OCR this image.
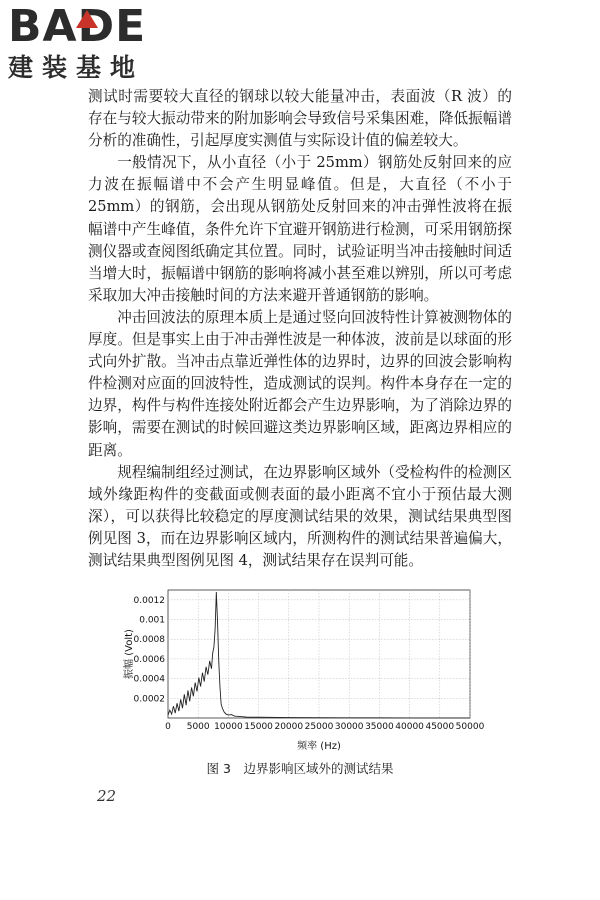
BADE
建装基地

测试时需要较大直径的钢球以较大能量冲击，表面波（R 波）的存在与较大振动带来的附加影响会导致信号采集困难，降低振幅谱分析的准确性，引起厚度实测值与实际设计值的偏差较大。

一般情况下，从小直径（小于 25mm）钢筋处反射回来的应力波在振幅谱中不会产生明显峰值。但是，大直径（不小于 25mm）的钢筋，会出现从钢筋处反射回来的冲击弹性波将在振幅谱中产生峰值，条件允许下宜避开钢筋进行检测，可采用钢筋探测仪器或查阅图纸确定其位置。同时，试验证明当冲击接触时间适当增大时，振幅谱中钢筋的影响将减小甚至难以辨别，所以可考虑采取加大冲击接触时间的方法来避开普通钢筋的影响。

冲击回波法的原理本质上是通过竖向回波特性计算被测物体的厚度。但是事实上由于冲击弹性波是一种体波，波前是以球面的形式向外扩散。当冲击点靠近弹性体的边界时，边界的回波会影响构件检测对应面的回波特性，造成测试的误判。构件本身存在一定的边界，构件与构件连接处附近都会产生边界影响，为了消除边界的影响，需要在测试的时候回避这类边界影响区域，距离边界相应的距离。

规程编制组经过测试，在边界影响区域外（受检构件的检测区域外缘距构件的变截面或侧表面的最小距离不宜小于预估最大测深），可以获得比较稳定的厚度测试结果的效果，测试结果典型图例见图 3，而在边界影响区域内，所测构件的测试结果普遍偏大，测试结果典型图例见图 4，测试结果存在误判可能。

0.0002
0.0004
0.0006
0.0008
0.001
0.0012
0 5000 10000 15000 20000 25000 30000 35000 40000 45000 50000
振幅 (Volt)
频率 (Hz)
图 3　边界影响区域外的测试结果
22
